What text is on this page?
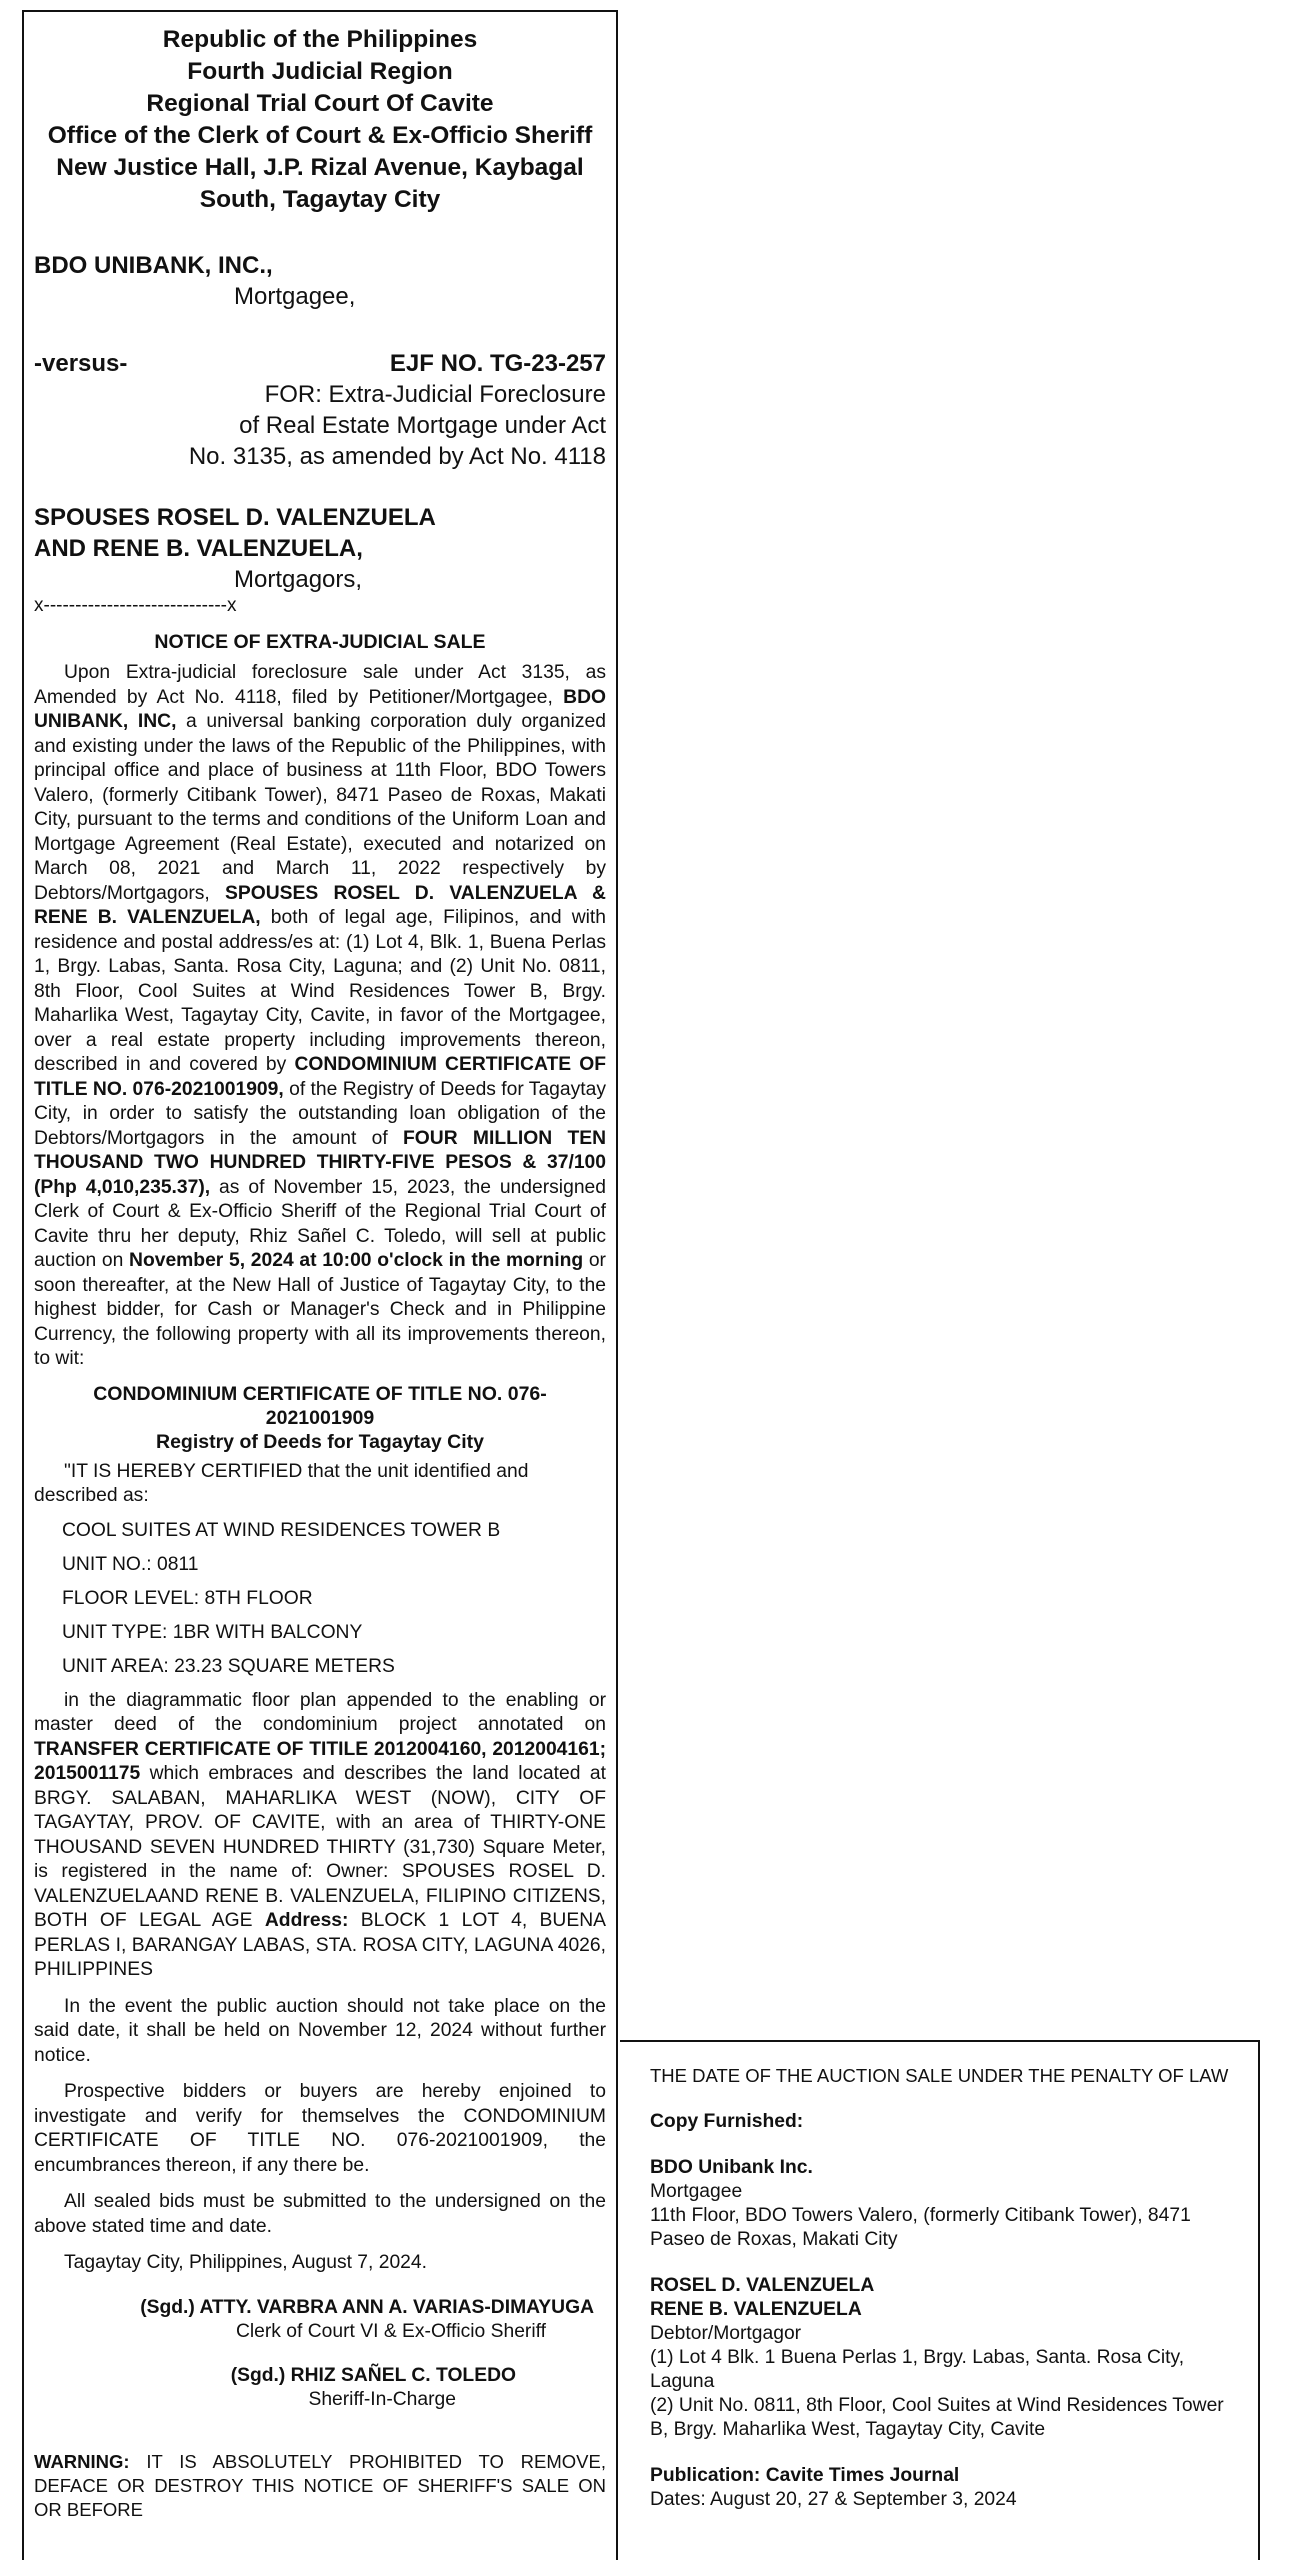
Republic of the Philippines
Fourth Judicial Region
Regional Trial Court Of Cavite
Office of the Clerk of Court & Ex-Officio Sheriff
New Justice Hall, J.P. Rizal Avenue, Kaybagal
South, Tagaytay City
BDO UNIBANK, INC.,
Mortgagee,
-versus-	EJF NO. TG-23-257
FOR: Extra-Judicial Foreclosure
of Real Estate Mortgage under Act
No. 3135, as amended by Act No. 4118
SPOUSES ROSEL D. VALENZUELA
AND RENE B. VALENZUELA,
Mortgagors,
x-----------------------------x
NOTICE OF EXTRA-JUDICIAL SALE

Upon Extra-judicial foreclosure sale under Act 3135, as Amended by Act No. 4118, filed by Petitioner/Mortgagee, BDO UNIBANK, INC, a universal banking corporation duly organized and existing under the laws of the Republic of the Philippines, with principal office and place of business at 11th Floor, BDO Towers Valero, (formerly Citibank Tower), 8471 Paseo de Roxas, Makati City, pursuant to the terms and conditions of the Uniform Loan and Mortgage Agreement (Real Estate), executed and notarized on March 08, 2021 and March 11, 2022 respectively by Debtors/Mortgagors, SPOUSES ROSEL D. VALENZUELA & RENE B. VALENZUELA, both of legal age, Filipinos, and with residence and postal address/es at: (1) Lot 4, Blk. 1, Buena Perlas 1, Brgy. Labas, Santa. Rosa City, Laguna; and (2) Unit No. 0811, 8th Floor, Cool Suites at Wind Residences Tower B, Brgy. Maharlika West, Tagaytay City, Cavite, in favor of the Mortgagee, over a real estate property including improvements thereon, described in and covered by CONDOMINIUM CERTIFICATE OF TITLE NO. 076-2021001909, of the Registry of Deeds for Tagaytay City, in order to satisfy the outstanding loan obligation of the Debtors/Mortgagors in the amount of FOUR MILLION TEN THOUSAND TWO HUNDRED THIRTY-FIVE PESOS & 37/100 (Php 4,010,235.37), as of November 15, 2023, the undersigned Clerk of Court & Ex-Officio Sheriff of the Regional Trial Court of Cavite thru her deputy, Rhiz Sañel C. Toledo, will sell at public auction on November 5, 2024 at 10:00 o'clock in the morning or soon thereafter, at the New Hall of Justice of Tagaytay City, to the highest bidder, for Cash or Manager's Check and in Philippine Currency, the following property with all its improvements thereon, to wit:

CONDOMINIUM CERTIFICATE OF TITLE NO. 076-
2021001909
Registry of Deeds for Tagaytay City

"IT IS HEREBY CERTIFIED that the unit identified and described as:

COOL SUITES AT WIND RESIDENCES TOWER B
UNIT NO.: 0811
FLOOR LEVEL: 8TH FLOOR
UNIT TYPE: 1BR WITH BALCONY
UNIT AREA: 23.23 SQUARE METERS

in the diagrammatic floor plan appended to the enabling or master deed of the condominium project annotated on TRANSFER CERTIFICATE OF TITILE 2012004160, 2012004161; 2015001175 which embraces and describes the land located at BRGY. SALABAN, MAHARLIKA WEST (NOW), CITY OF TAGAYTAY, PROV. OF CAVITE, with an area of THIRTY-ONE THOUSAND SEVEN HUNDRED THIRTY (31,730) Square Meter, is registered in the name of: Owner: SPOUSES ROSEL D. VALENZUELAAND RENE B. VALENZUELA, FILIPINO CITIZENS, BOTH OF LEGAL AGE Address: BLOCK 1 LOT 4, BUENA PERLAS I, BARANGAY LABAS, STA. ROSA CITY, LAGUNA 4026, PHILIPPINES

In the event the public auction should not take place on the said date, it shall be held on November 12, 2024 without further notice.

Prospective bidders or buyers are hereby enjoined to investigate and verify for themselves the CONDOMINIUM CERTIFICATE OF TITLE NO. 076-2021001909, the encumbrances thereon, if any there be.

All sealed bids must be submitted to the undersigned on the above stated time and date.

Tagaytay City, Philippines, August 7, 2024.

(Sgd.) ATTY. VARBRA ANN A. VARIAS-DIMAYUGA
Clerk of Court VI & Ex-Officio Sheriff
(Sgd.) RHIZ SAÑEL C. TOLEDO
Sheriff-In-Charge

WARNING: IT IS ABSOLUTELY PROHIBITED TO REMOVE, DEFACE OR DESTROY THIS NOTICE OF SHERIFF'S SALE ON OR BEFORE

THE DATE OF THE AUCTION SALE UNDER THE PENALTY OF LAW

Copy Furnished:

BDO Unibank Inc.

Mortgagee

11th Floor, BDO Towers Valero, (formerly Citibank Tower), 8471 Paseo de Roxas, Makati City

ROSEL D. VALENZUELA

RENE B. VALENZUELA

Debtor/Mortgagor

(1) Lot 4 Blk. 1 Buena Perlas 1, Brgy. Labas, Santa. Rosa City, Laguna

(2) Unit No. 0811, 8th Floor, Cool Suites at Wind Residences Tower B, Brgy. Maharlika West, Tagaytay City, Cavite

Publication: Cavite Times Journal

Dates: August 20, 27 & September 3, 2024
